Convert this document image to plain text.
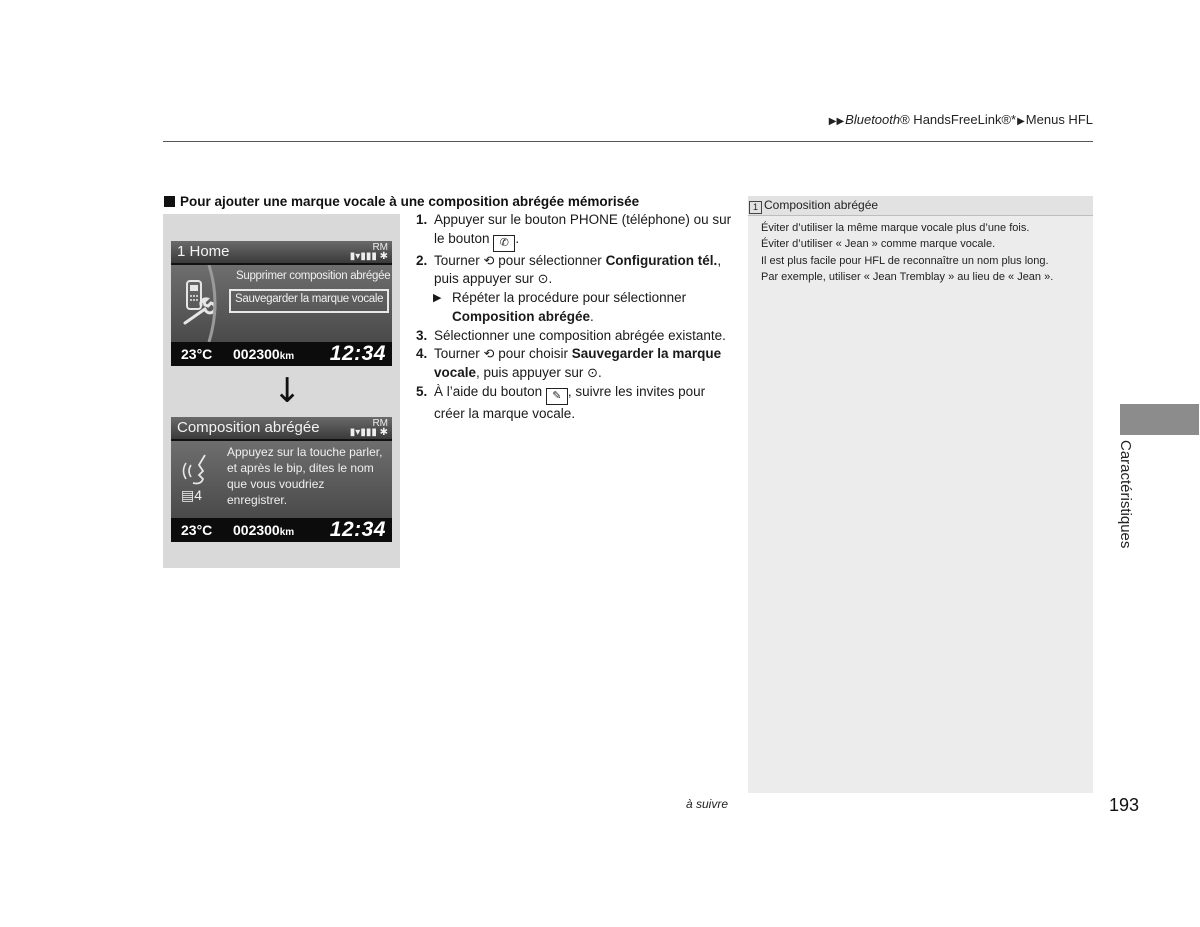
▶▶Bluetooth® HandsFreeLink®*▶Menus HFL
Pour ajouter une marque vocale à une composition abrégée mémorisée
1 Home	RM
▮▾▮▮▮ ✱
Supprimer composition abrégée
Sauvegarder la marque vocale
23°C 002300km 12:34
↓
Composition abrégée	RM
▮▾▮▮▮ ✱
▤4
Appuyez sur la touche parler, et après le bip, dites le nom que vous voudriez enregistrer.
23°C 002300km 12:34
1. Appuyer sur le bouton PHONE (téléphone) ou sur le bouton ✆ .
2. Tourner ⟲ pour sélectionner Configuration tél., puis appuyer sur ⊙.
▶ Répéter la procédure pour sélectionner Composition abrégée.
3. Sélectionner une composition abrégée existante.
4. Tourner ⟲ pour choisir Sauvegarder la marque vocale, puis appuyer sur ⊙.
5. À l’aide du bouton ✎ , suivre les invites pour créer la marque vocale.
1 Composition abrégée
Éviter d’utiliser la même marque vocale plus d’une fois.
Éviter d’utiliser « Jean » comme marque vocale.
Il est plus facile pour HFL de reconnaître un nom plus long.
Par exemple, utiliser « Jean Tremblay » au lieu de « Jean ».
Caractéristiques
à suivre	193
